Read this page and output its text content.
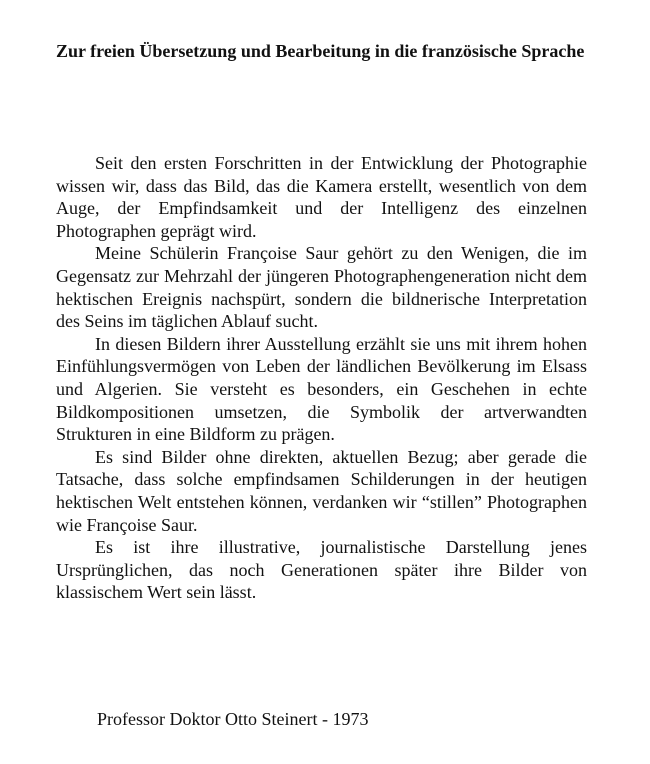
Zur freien Übersetzung und Bearbeitung in die französische Sprache

Seit den ersten Forschritten in der Entwicklung der Photographie wissen wir, dass das Bild, das die Kamera erstellt, wesentlich von dem Auge, der Empfindsamkeit und der Intelligenz des einzelnen Photographen geprägt wird.

Meine Schülerin Françoise Saur gehört zu den Wenigen, die im Gegensatz zur Mehrzahl der jüngeren Photographengeneration nicht dem hektischen Ereignis nachspürt, sondern die bildnerische Interpretation des Seins im täglichen Ablauf sucht.

In diesen Bildern ihrer Ausstellung erzählt sie uns mit ihrem hohen Einfühlungsvermögen von Leben der ländlichen Bevölkerung im Elsass und Algerien. Sie versteht es besonders, ein Geschehen in echte Bildkompositionen umsetzen, die Symbolik der artverwandten Strukturen in eine Bildform zu prägen.

Es sind Bilder ohne direkten, aktuellen Bezug; aber gerade die Tatsache, dass solche empfindsamen Schilderungen in der heutigen hektischen Welt entstehen können, verdanken wir “stillen” Photographen wie Françoise Saur.

Es ist ihre illustrative, journalistische Darstellung jenes Ursprünglichen, das noch Generationen später ihre Bilder von klassischem Wert sein lässt.

Professor Doktor Otto Steinert - 1973
